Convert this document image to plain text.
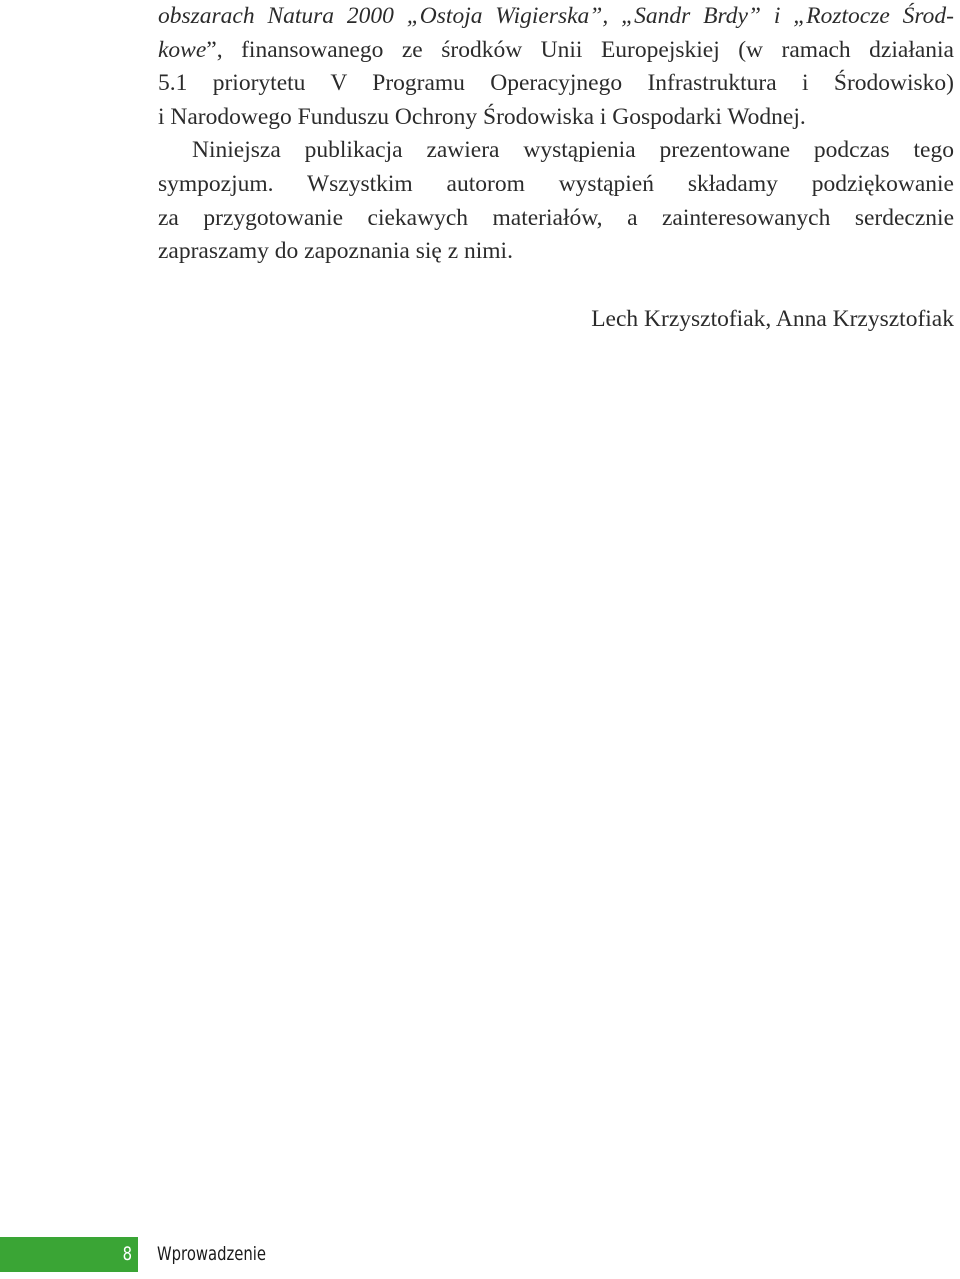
obszarach Natura 2000 „Ostoja Wigierska”, „Sandr Brdy” i „Roztocze Środ-
kowe”, finansowanego ze środków Unii Europejskiej (w ramach działania
5.1 priorytetu V Programu Operacyjnego Infrastruktura i Środowisko)
i Narodowego Funduszu Ochrony Środowiska i Gospodarki Wodnej.
Niniejsza publikacja zawiera wystąpienia prezentowane podczas tego
sympozjum. Wszystkim autorom wystąpień składamy podziękowanie
za przygotowanie ciekawych materiałów, a zainteresowanych serdecznie
zapraszamy do zapoznania się z nimi.
Lech Krzysztofiak, Anna Krzysztofiak
8 Wprowadzenie
